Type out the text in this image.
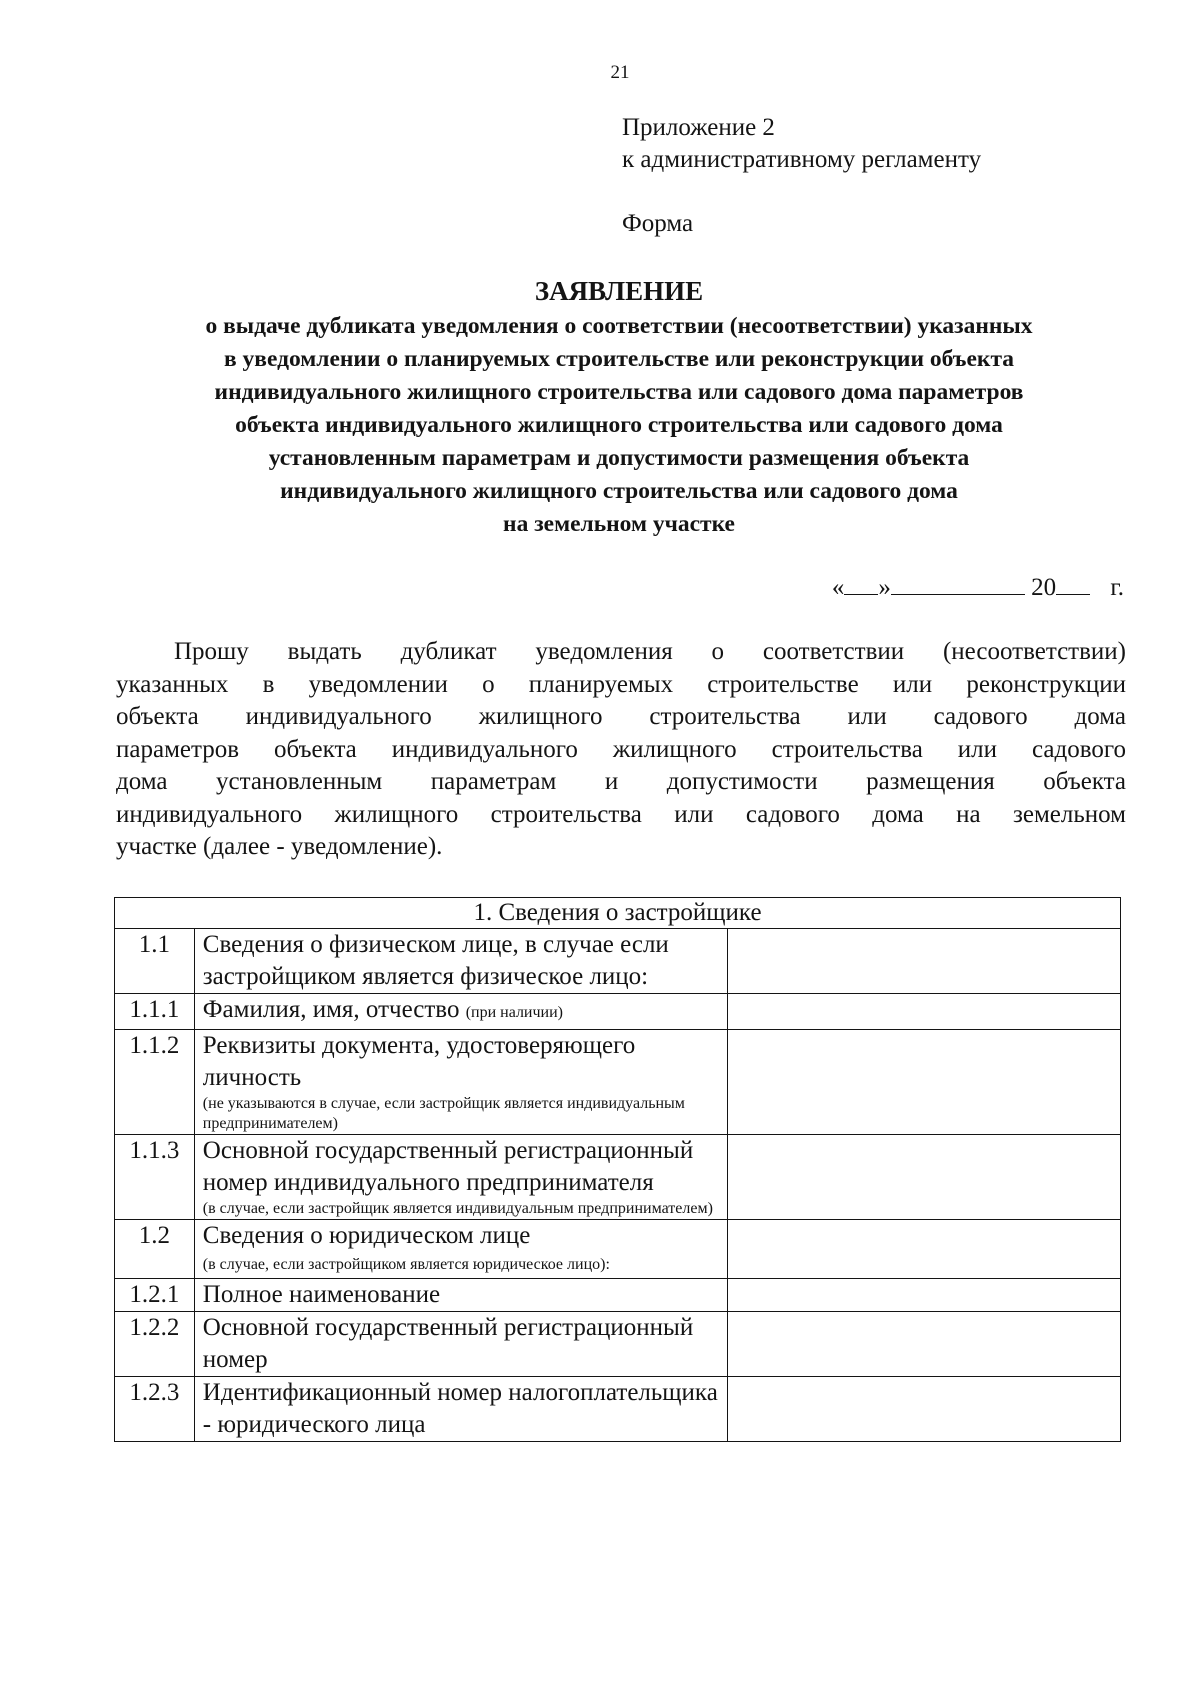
21
Приложение 2
к административному регламенту
Форма
ЗАЯВЛЕНИЕ
о выдаче дубликата уведомления о соответствии (несоответствии) указанных
в уведомлении о планируемых строительстве или реконструкции объекта
индивидуального жилищного строительства или садового дома параметров
объекта индивидуального жилищного строительства или садового дома
установленным параметрам и допустимости размещения объекта
индивидуального жилищного строительства или садового дома
на земельном участке
« »	20 г.
Прошу выдать дубликат уведомления о соответствии (несоответствии)
указанных в уведомлении о планируемых строительстве или реконструкции
объекта индивидуального жилищного строительства или садового дома
параметров объекта индивидуального жилищного строительства или садового
дома установленным параметрам и допустимости размещения объекта
индивидуального жилищного строительства или садового дома на земельном
участке (далее - уведомление).
1. Сведения о застройщике		
1.1	Сведения о физическом лице, в случае если застройщиком является физическое лицо:	
1.1.1	Фамилия, имя, отчество (при наличии)	
1.1.2	Реквизиты документа, удостоверяющего личность
(не указываются в случае, если застройщик является индивидуальным предпринимателем)	

1.1.3	Основной государственный регистрационный номер индивидуального предпринимателя
(в случае, если застройщик является индивидуальным предпринимателем)	

1.2	Сведения о юридическом лице
(в случае, если застройщиком является юридическое лицо):	

1.2.1	Полное наименование	
1.2.2	Основной государственный регистрационный номер	
1.2.3	Идентификационный номер налогоплательщика - юридического лица	
